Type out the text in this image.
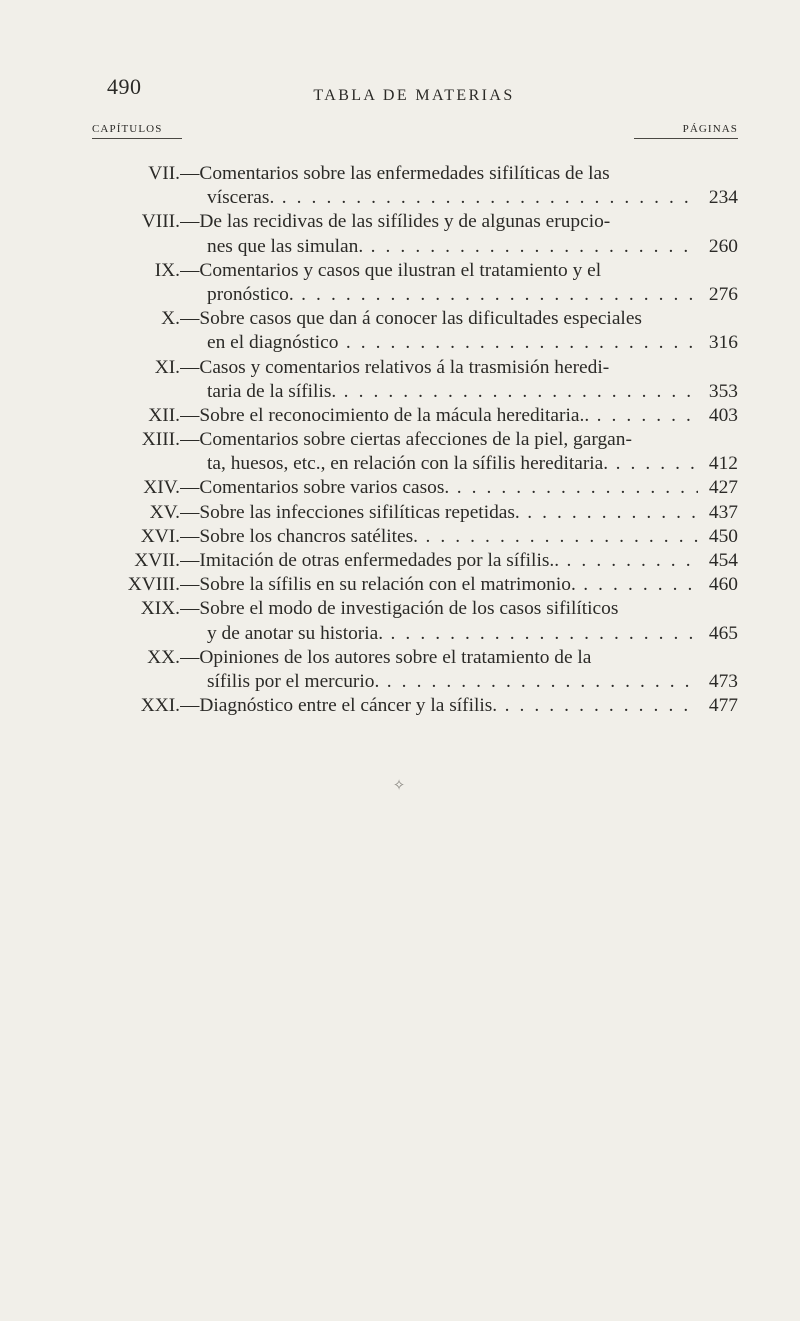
490	TABLA DE MATERIAS
CAPÍTULOS	PÁGINAS
VII. —Comentarios sobre las enfermedades sifilíticas de las
vísceras. . . .	234
VIII. —De las recidivas de las sifílides y de algunas erupcio-
nes que las simulan. . . .	260
IX. —Comentarios y casos que ilustran el tratamiento y el
pronóstico. . . .	276
X. —Sobre casos que dan á conocer las dificultades especiales
en el diagnóstico . . .	316
XI. —Casos y comentarios relativos á la trasmisión heredi-
taria de la sífilis. . . .	353
XII. —Sobre el reconocimiento de la mácula hereditaria.. . . .	403
XIII. —Comentarios sobre ciertas afecciones de la piel, gargan-
ta, huesos, etc., en relación con la sífilis hereditaria. . . .	412
XIV. —Comentarios sobre varios casos. . . .	427
XV. —Sobre las infecciones sifilíticas repetidas. . . .	437
XVI. —Sobre los chancros satélites. . . .	450
XVII. —Imitación de otras enfermedades por la sífilis.. . . .	454
XVIII. —Sobre la sífilis en su relación con el matrimonio. . . .	460
XIX. —Sobre el modo de investigación de los casos sifilíticos
y de anotar su historia. . . .	465
XX. —Opiniones de los autores sobre el tratamiento de la
sífilis por el mercurio. . . .	473
XXI. —Diagnóstico entre el cáncer y la sífilis. . . .	477
✧
